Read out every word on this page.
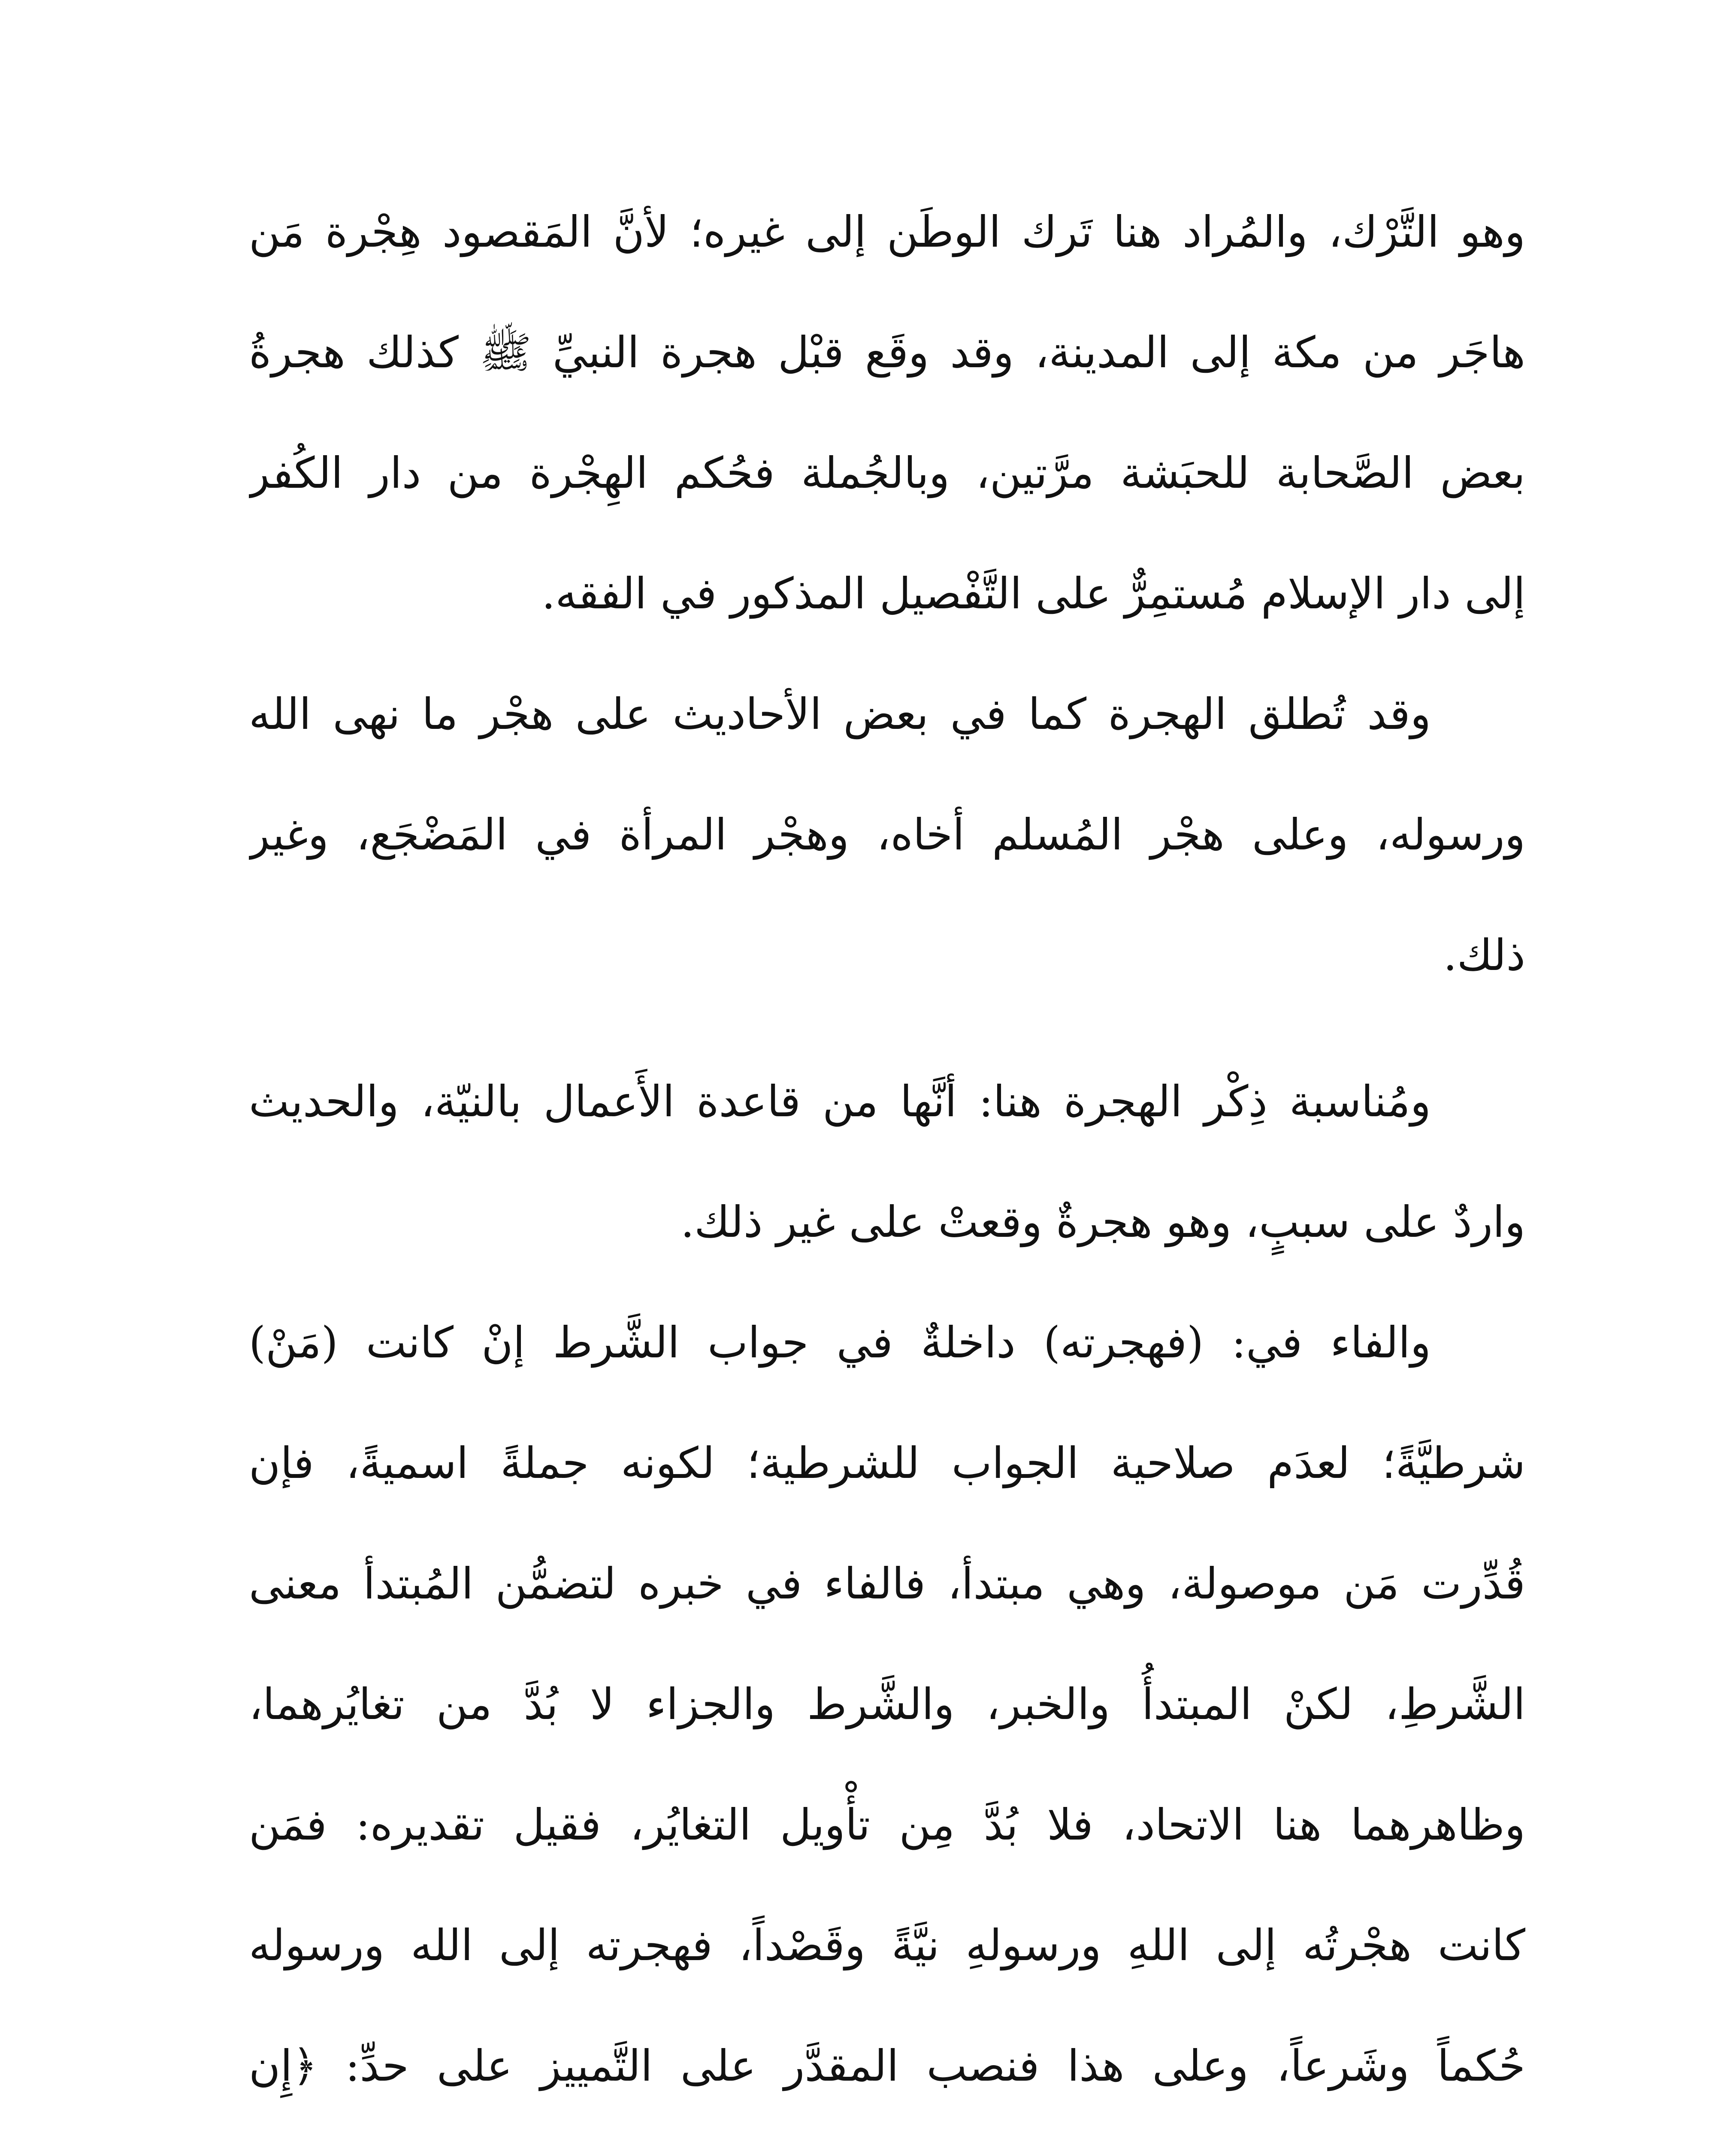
وهو التَّرْك، والمُراد هنا تَرك الوطَن إلى غيره؛ لأنَّ المَقصود هِجْرة مَن
هاجَر من مكة إلى المدينة، وقد وقَع قبْل هجرة النبيِّ ﷺ كذلك هجرةُ
بعض الصَّحابة للحبَشة مرَّتين، وبالجُملة فحُكم الهِجْرة من دار الكُفر
إلى دار الإسلام مُستمِرٌّ على التَّفْصيل المذكور في الفقه.
وقد تُطلق الهجرة كما في بعض الأحاديث على هجْر ما نهى الله
ورسوله، وعلى هجْر المُسلم أخاه، وهجْر المرأة في المَضْجَع، وغير
ذلك.
ومُناسبة ذِكْر الهجرة هنا: أنَّها من قاعدة الأَعمال بالنيّة، والحديث
واردٌ على سببٍ، وهو هجرةٌ وقعتْ على غير ذلك.
والفاء في: (فهجرته) داخلةٌ في جواب الشَّرط إنْ كانت (مَنْ)
شرطيَّةً؛ لعدَم صلاحية الجواب للشرطية؛ لكونه جملةً اسميةً، فإن
قُدِّرت مَن موصولة، وهي مبتدأ، فالفاء في خبره لتضمُّن المُبتدأ معنى
الشَّرطِ، لكنْ المبتدأُ والخبر، والشَّرط والجزاء لا بُدَّ من تغايُرهما،
وظاهرهما هنا الاتحاد، فلا بُدَّ مِن تأْويل التغايُر، فقيل تقديره: فمَن
كانت هجْرتُه إلى اللهِ ورسولهِ نيَّةً وقَصْداً، فهجرته إلى الله ورسوله
حُكماً وشَرعاً، وعلى هذا فنصب المقدَّر على التَّمييز على حدِّ: ﴿إِن
